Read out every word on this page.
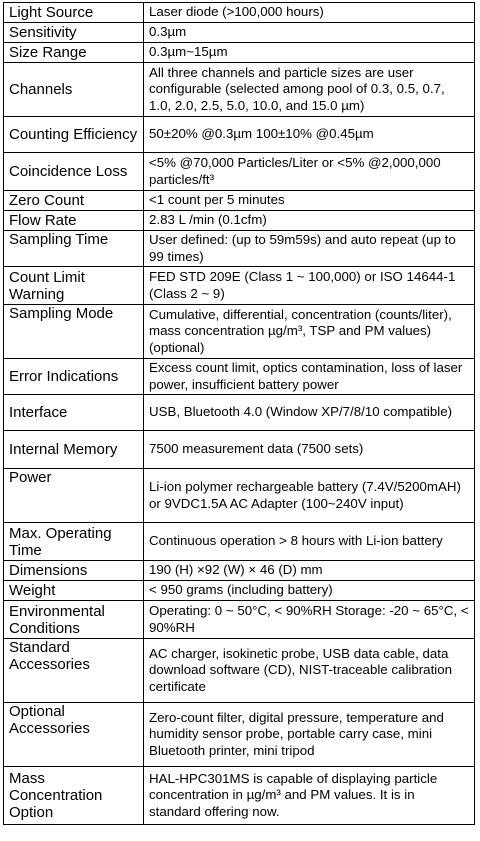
Light Source	Laser diode (>100,000 hours)
Sensitivity	0.3µm
Size Range	0.3µm~15µm
Channels	All three channels and particle sizes are user configurable (selected among pool of 0.3, 0.5, 0.7, 1.0, 2.0, 2.5, 5.0, 10.0, and 15.0 µm)
Counting Efficiency	50±20% @0.3µm 100±10% @0.45µm
Coincidence Loss	<5% @70,000 Particles/Liter or <5% @2,000,000 particles/ft³
Zero Count	<1 count per 5 minutes
Flow Rate	2.83 L /min (0.1cfm)
Sampling Time	User defined: (up to 59m59s) and auto repeat (up to 99 times)
Count Limit Warning	FED STD 209E (Class 1 ~ 100,000) or ISO 14644-1 (Class 2 ~ 9)
Sampling Mode	Cumulative, differential, concentration (counts/liter), mass concentration µg/m³, TSP and PM values) (optional)
Error Indications	Excess count limit, optics contamination, loss of laser power, insufficient battery power
Interface	USB, Bluetooth 4.0 (Window XP/7/8/10 compatible)
Internal Memory	7500 measurement data (7500 sets)
Power	Li-ion polymer rechargeable battery (7.4V/5200mAH) or 9VDC1.5A AC Adapter (100~240V input)
Max. Operating Time	Continuous operation > 8 hours with Li-ion battery
Dimensions	190 (H) ×92 (W) × 46 (D) mm
Weight	< 950 grams (including battery)
Environmental Conditions	Operating: 0 ~ 50°C, < 90%RH Storage: -20 ~ 65°C, < 90%RH
Standard Accessories	AC charger, isokinetic probe, USB data cable, data download software (CD), NIST-traceable calibration certificate
Optional Accessories	Zero-count filter, digital pressure, temperature and humidity sensor probe, portable carry case, mini Bluetooth printer, mini tripod
Mass Concentration Option	HAL-HPC301MS is capable of displaying particle concentration in µg/m³ and PM values. It is in standard offering now.
